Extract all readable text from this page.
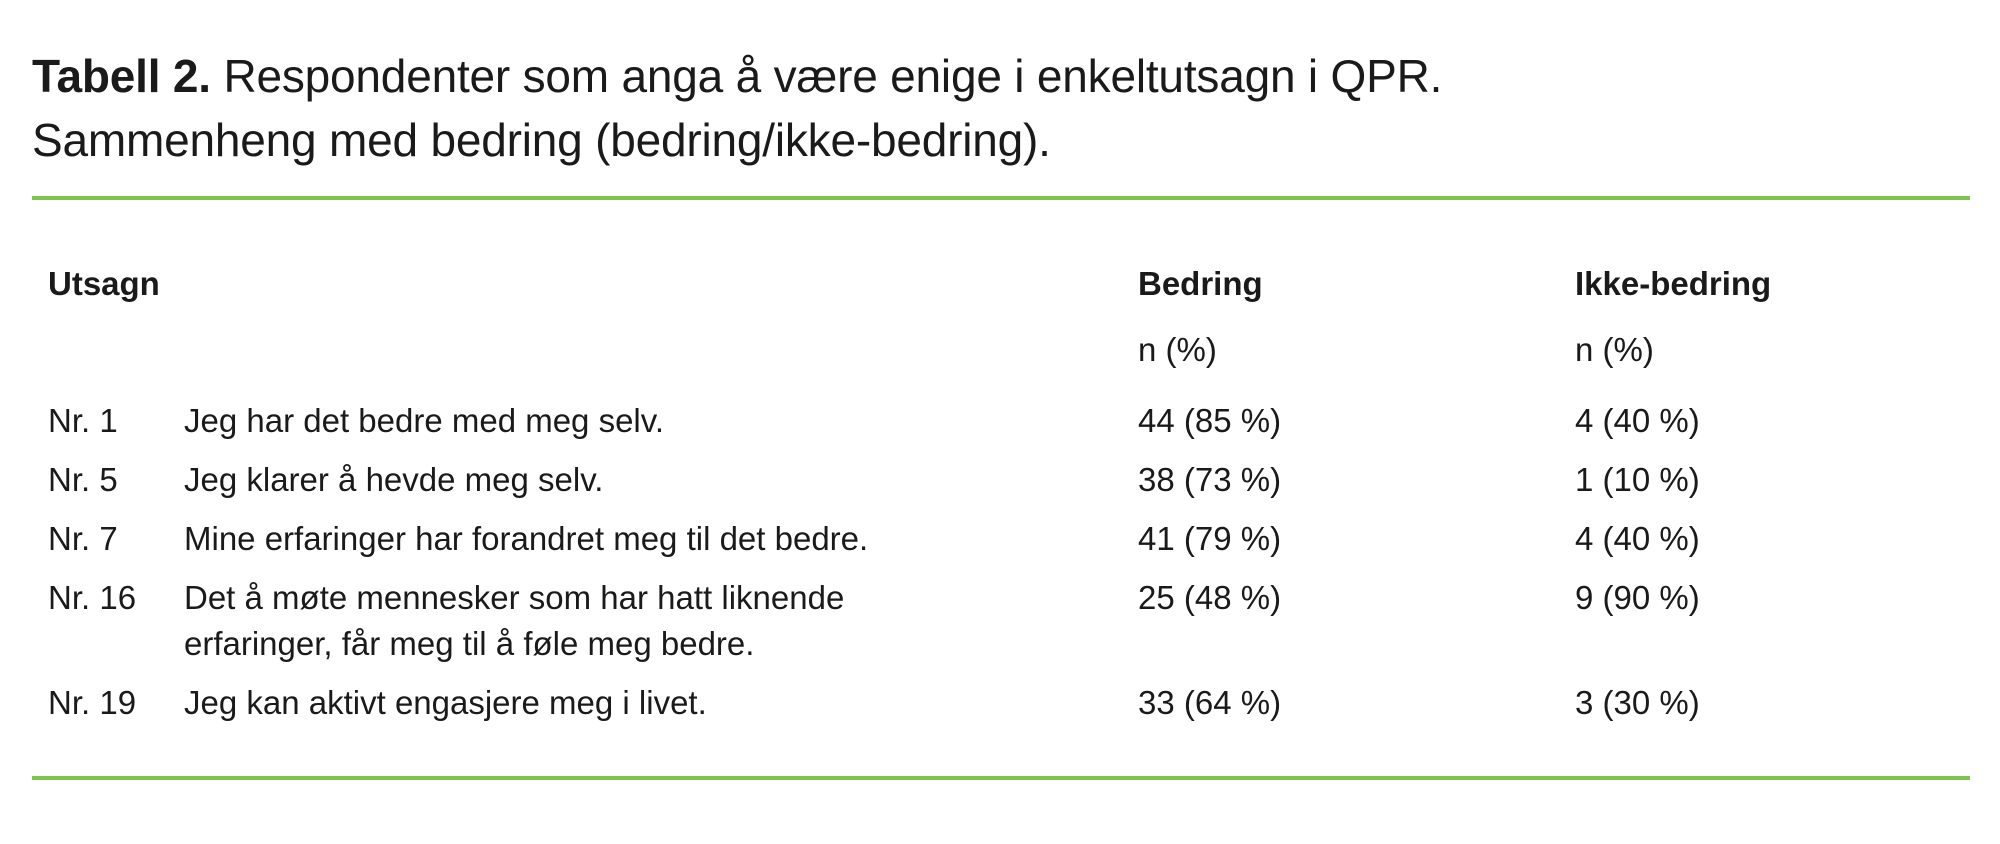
Tabell 2. Respondenter som anga å være enige i enkeltutsagn i QPR.
Sammenheng med bedring (bedring/ikke-bedring).
Utsagn		Bedring	Ikke-bedring
		n (%)	n (%)
Nr. 1	Jeg har det bedre med meg selv.	44 (85 %)	4 (40 %)
Nr. 5	Jeg klarer å hevde meg selv.	38 (73 %)	1 (10 %)
Nr. 7	Mine erfaringer har forandret meg til det bedre.	41 (79 %)	4 (40 %)
Nr. 16	Det å møte mennesker som har hatt liknende
erfaringer, får meg til å føle meg bedre.	25 (48 %)	9 (90 %)
Nr. 19	Jeg kan aktivt engasjere meg i livet.	33 (64 %)	3 (30 %)
